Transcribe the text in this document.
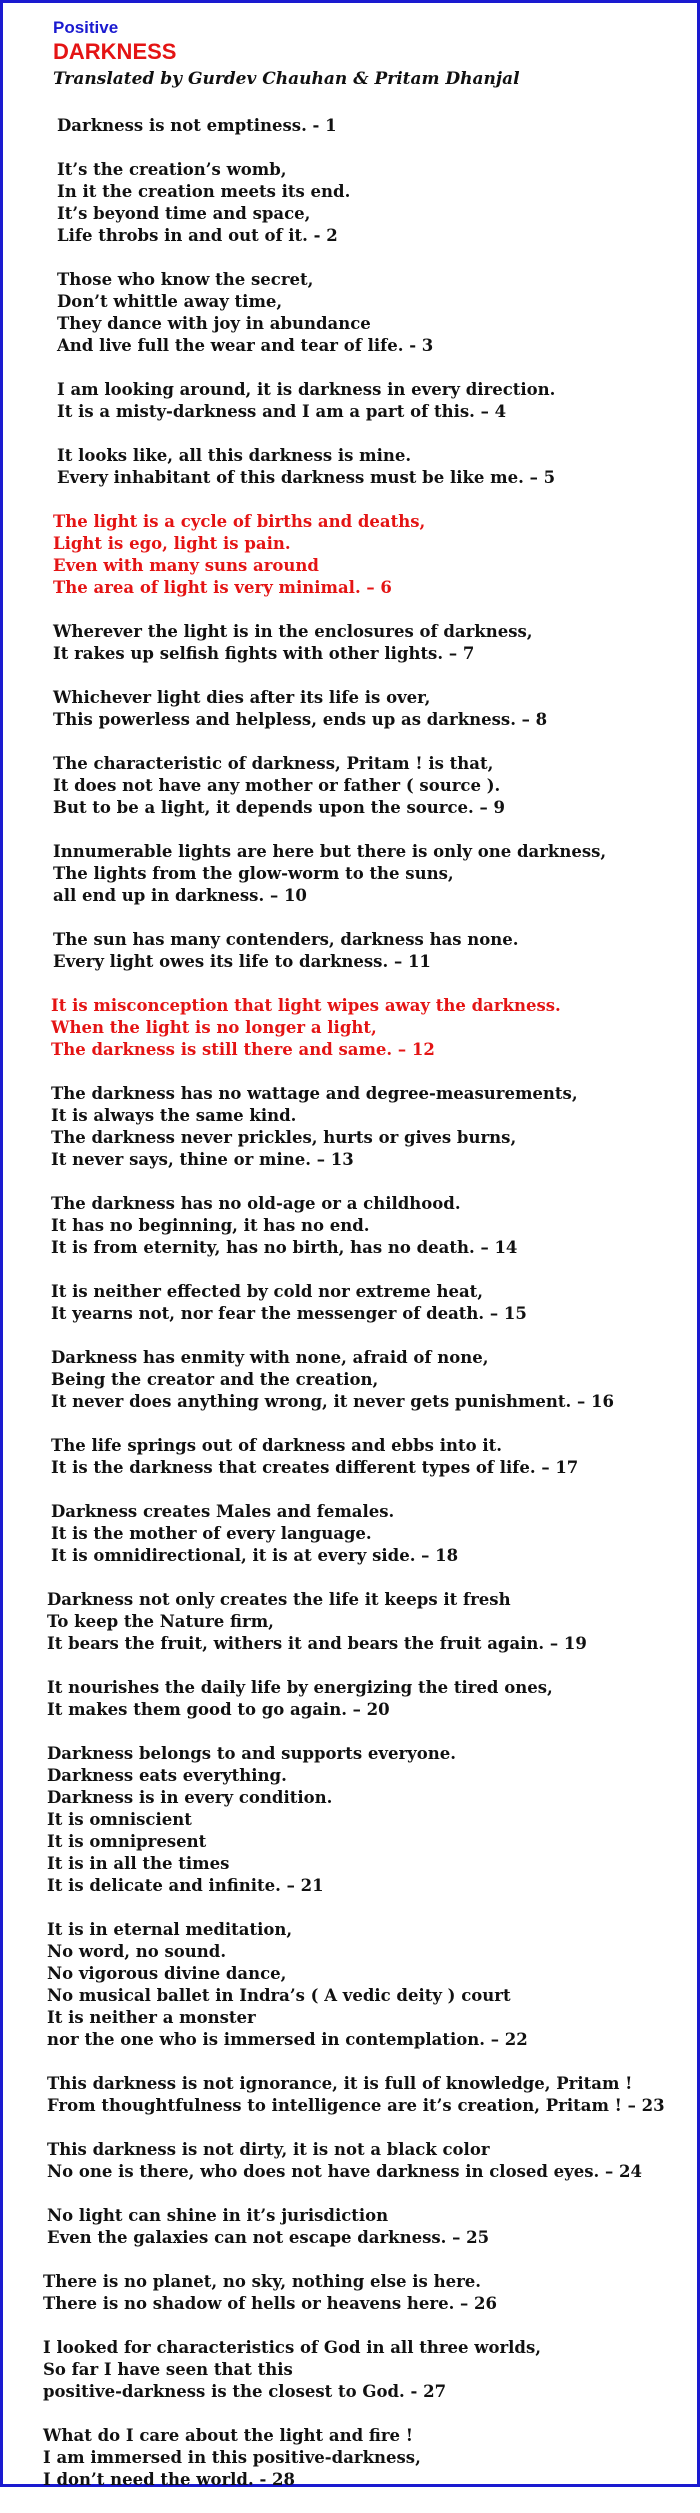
Positive
DARKNESS
Translated by Gurdev Chauhan & Pritam Dhanjal
Darkness is not emptiness. - 1
It’s the creation’s womb,
In it the creation meets its end.
It’s beyond time and space,
Life throbs in and out of it. - 2
Those who know the secret,
Don’t whittle away time,
They dance with joy in abundance
And live full the wear and tear of life. - 3
I am looking around, it is darkness in every direction.
It is a misty-darkness and I am a part of this. – 4
It looks like, all this darkness is mine.
Every inhabitant of this darkness must be like me. – 5
The light is a cycle of births and deaths,
Light is ego, light is pain.
Even with many suns around
The area of light is very minimal. – 6
Wherever the light is in the enclosures of darkness,
It rakes up selfish fights with other lights. – 7
Whichever light dies after its life is over,
This powerless and helpless, ends up as darkness. – 8
The characteristic of darkness, Pritam ! is that,
It does not have any mother or father ( source ).
But to be a light, it depends upon the source. – 9
Innumerable lights are here but there is only one darkness,
The lights from the glow-worm to the suns,
all end up in darkness. – 10
The sun has many contenders, darkness has none.
Every light owes its life to darkness. – 11
It is misconception that light wipes away the darkness.
When the light is no longer a light,
The darkness is still there and same. – 12
The darkness has no wattage and degree-measurements,
It is always the same kind.
The darkness never prickles, hurts or gives burns,
It never says, thine or mine. – 13
The darkness has no old-age or a childhood.
It has no beginning, it has no end.
It is from eternity, has no birth, has no death. – 14
It is neither effected by cold nor extreme heat,
It yearns not, nor fear the messenger of death. – 15
Darkness has enmity with none, afraid of none,
Being the creator and the creation,
It never does anything wrong, it never gets punishment. – 16
The life springs out of darkness and ebbs into it.
It is the darkness that creates different types of life. – 17
Darkness creates Males and females.
It is the mother of every language.
It is omnidirectional, it is at every side. – 18
Darkness not only creates the life it keeps it fresh
To keep the Nature firm,
It bears the fruit, withers it and bears the fruit again. – 19
It nourishes the daily life by energizing the tired ones,
It makes them good to go again. – 20
Darkness belongs to and supports everyone.
Darkness eats everything.
Darkness is in every condition.
It is omniscient
It is omnipresent
It is in all the times
It is delicate and infinite. – 21
It is in eternal meditation,
No word, no sound.
No vigorous divine dance,
No musical ballet in Indra’s ( A vedic deity ) court
It is neither a monster
nor the one who is immersed in contemplation. – 22
This darkness is not ignorance, it is full of knowledge, Pritam !
From thoughtfulness to intelligence are it’s creation, Pritam ! – 23
This darkness is not dirty, it is not a black color
No one is there, who does not have darkness in closed eyes. – 24
No light can shine in it’s jurisdiction
Even the galaxies can not escape darkness. – 25
There is no planet, no sky, nothing else is here.
There is no shadow of hells or heavens here. – 26
I looked for characteristics of God in all three worlds,
So far I have seen that this
positive-darkness is the closest to God. - 27
What do I care about the light and fire !
I am immersed in this positive-darkness,
I don’t need the world. - 28
